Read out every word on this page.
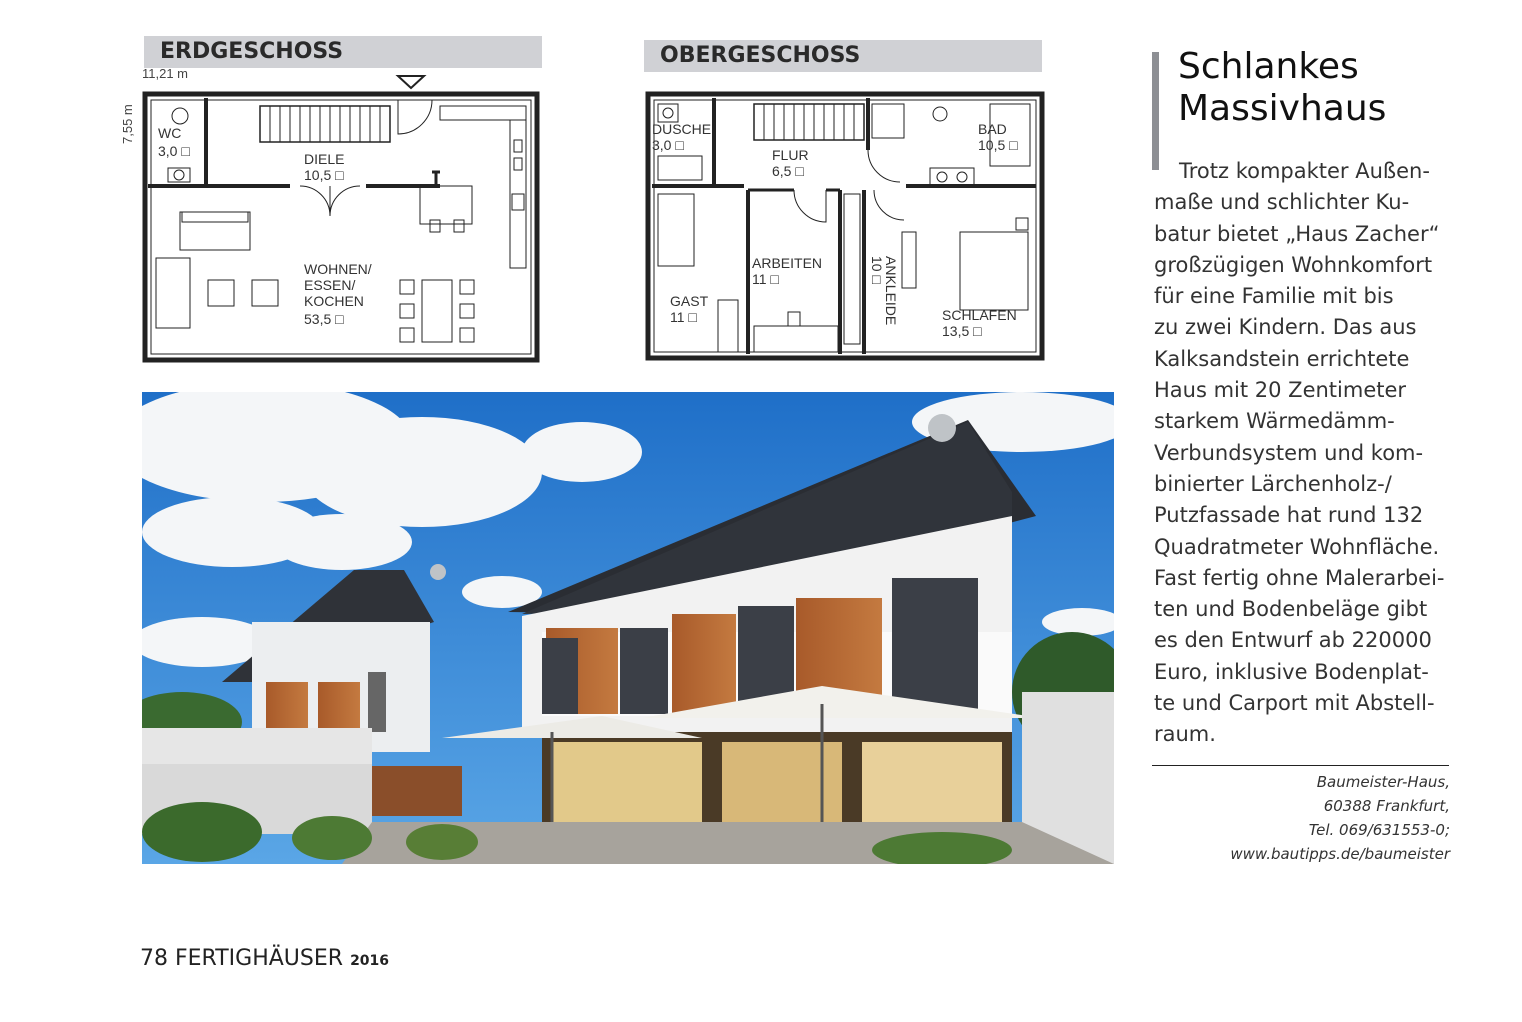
ERDGESCHOSS
11,21 m
7,55 m WC
3,0 □	DIELE
10,5 □
WOHNEN/
ESSEN/
KOCHEN
53,5 □
OBERGESCHOSS
DUSCHE
3,0 □
FLUR
6,5 □
BAD
10,5 □
ARBEITEN
11 □
GAST
11 □	SCHLAFEN
13,5 □
ANKLEIDE
10 □
Schlankes
Massivhaus
Trotz kompakter Außen-
maße und schlichter Ku-
batur bietet „Haus Zacher“
großzügigen Wohnkomfort
für eine Familie mit bis
zu zwei Kindern. Das aus
Kalksandstein errichtete
Haus mit 20 Zentimeter
starkem Wärmedämm-
Verbundsystem und kom-
binierter Lärchenholz-/
Putzfassade hat rund 132
Quadratmeter Wohnfläche.
Fast fertig ohne Malerarbei-
ten und Bodenbeläge gibt
es den Entwurf ab 220000
Euro, inklusive Bodenplat-
te und Carport mit Abstell-
raum.
Baumeister-Haus,
60388 Frankfurt,
Tel. 069/631553-0;
www.bautipps.de/baumeister
78 FERTIGHÄUSER 2016
